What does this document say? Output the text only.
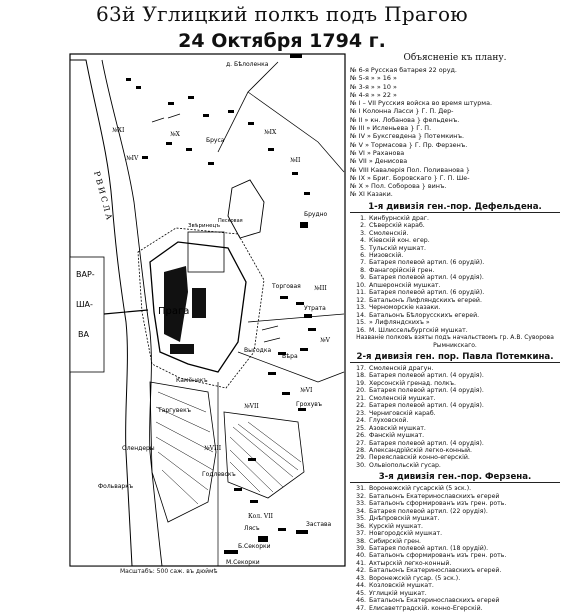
63й Углицкий полкъ подъ Прагою
24 Октября 1794 г.
Р В И С Л А
ВАР-
ША-
ВА
Прага
Звѣринецъ
Песковая
№XI
№X
№IV
№IX
№II
№III
№V
№VI
№VII
№VIII
Кол. VII
д. Бѣлоленка
Брудно
Торговая
Утрата
Выгодка
Камёнекъ
Таргувекъ
Грохувъ
Олендеры
Фольваркъ
Годлевскъ
Лясъ
Застава
Б.Секорки
М.Секорки
Вѣра
Бруса
Объясненiе къ плану.
№ 6-я Русская батарея 22 оруд.
№ 5-я » » 16 »
№ 3-я » » 10 »
№ 4-я » » 22 »
№ I – VII Русския войска во время штурма.
№ I Колонна Ласси } Г. П. Дер-
№ II » кн. Лобанова } фельденъ.
№ III » Исленьева } Г. П.
№ IV » Буксгевдена } Потемкинъ.
№ V » Тормасова } Г. Пр. Ферзенъ.
№ VI » Раханова
№ VII » Денисова
№ VIII Кавалерiя Пол. Поливанова }
№ IX » Бриг. Боровскаго } Г. П. Ше-
№ X » Пол. Соборова } винъ.
№ XI Казаки.
1-я дивизiя ген.-пор. Дефельдена.
1. Кинбурнскiй драг.
2. Сѣверскiй караб.
3. Смоленскiй.
4. Кiевскiй кон. егер.
5. Тульскiй мушкат.
6. Низовскiй.
7. Батарея полевой артил. (6 орудiй).
8. Фанагорiйскiй грен.
9. Батарея полевой артил. (4 орудiя).
10. Апшеронскiй мушкат.
11. Батарея полевой артил. (6 орудiй).
12. Батальонъ Лифляндскихъ егерей.
13. Черноморскiе казаки.
14. Батальонъ Бѣлорусскихъ егерей.
15. » Лифляндскихъ »
16. М. Шлиссельбургскiй мушкат.
Названiе полковъ взяты подъ начальствомъ гр. А.В. Суворова Рымникскаго.
2-я дивизiя ген. пор. Павла Потемкина.
17. Смоленскiй драгун.
18. Батарея полевой артил. (4 орудiя).
19. Херсонскiй гренад. полкъ.
20. Батарея полевой артил. (4 орудiя).
21. Смоленскiй мушкат.
22. Батарея полевой артил. (4 орудiя).
23. Черниговскiй караб.
24. Глуховской.
25. Азовскiй мушкат.
26. Фанскiй мушкат.
27. Батарея полевой артил. (4 орудiя).
28. Александрiйскiй легко-конный.
29. Переяславскiй конно-егерскiй.
30. Ольвiопольскiй гусар.
3-я дивизiя ген.-пор. Ферзена.
31. Воронежскiй гусарскiй (5 эск.).
32. Батальонъ Екатеринославскихъ егерей
33. Батальонъ сформированъ изъ грен. роть.
34. Батарея полевой артил. (22 орудiя).
35. Днѣпровскiй мушкат.
36. Курскiй мушкат.
37. Новгородскiй мушкат.
38. Сибирскiй грен.
39. Батарея полевой артил. (18 орудiй).
40. Батальонъ сформированъ изъ грен. роть.
41. Ахтырскiй легко-конный.
42. Батальонъ Екатеринославскихъ егерей.
43. Воронежскiй гусар. (5 эск.).
44. Козловскiй мушкат.
45. Углицкiй мушкат.
46. Батальонъ Екатеринославскихъ егерей
47. Елисаветградскiй. конно-Егерскiй.
Масштабъ: 500 саж. въ дюймѣ
